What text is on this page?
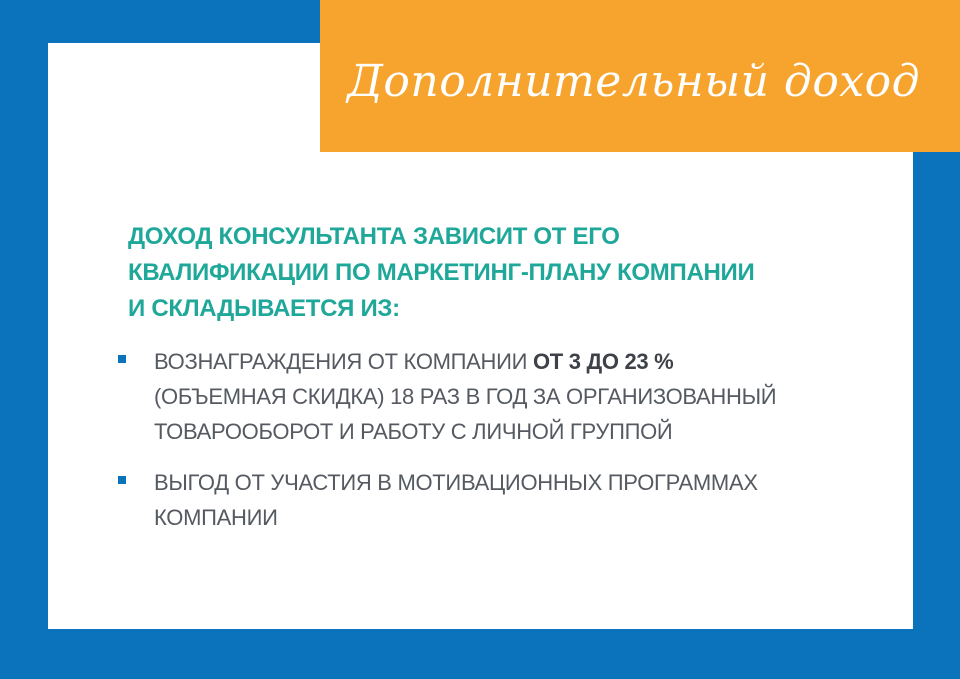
Дополнительный доход
ДОХОД КОНСУЛЬТАНТА ЗАВИСИТ ОТ ЕГО
КВАЛИФИКАЦИИ ПО МАРКЕТИНГ-ПЛАНУ КОМПАНИИ
И СКЛАДЫВАЕТСЯ ИЗ:
ВОЗНАГРАЖДЕНИЯ ОТ КОМПАНИИ ОТ 3 ДО 23 %
(ОБЪЕМНАЯ СКИДКА) 18 РАЗ В ГОД ЗА ОРГАНИЗОВАННЫЙ
ТОВАРООБОРОТ И РАБОТУ С ЛИЧНОЙ ГРУППОЙ
ВЫГОД ОТ УЧАСТИЯ В МОТИВАЦИОННЫХ ПРОГРАММАХ
КОМПАНИИ
